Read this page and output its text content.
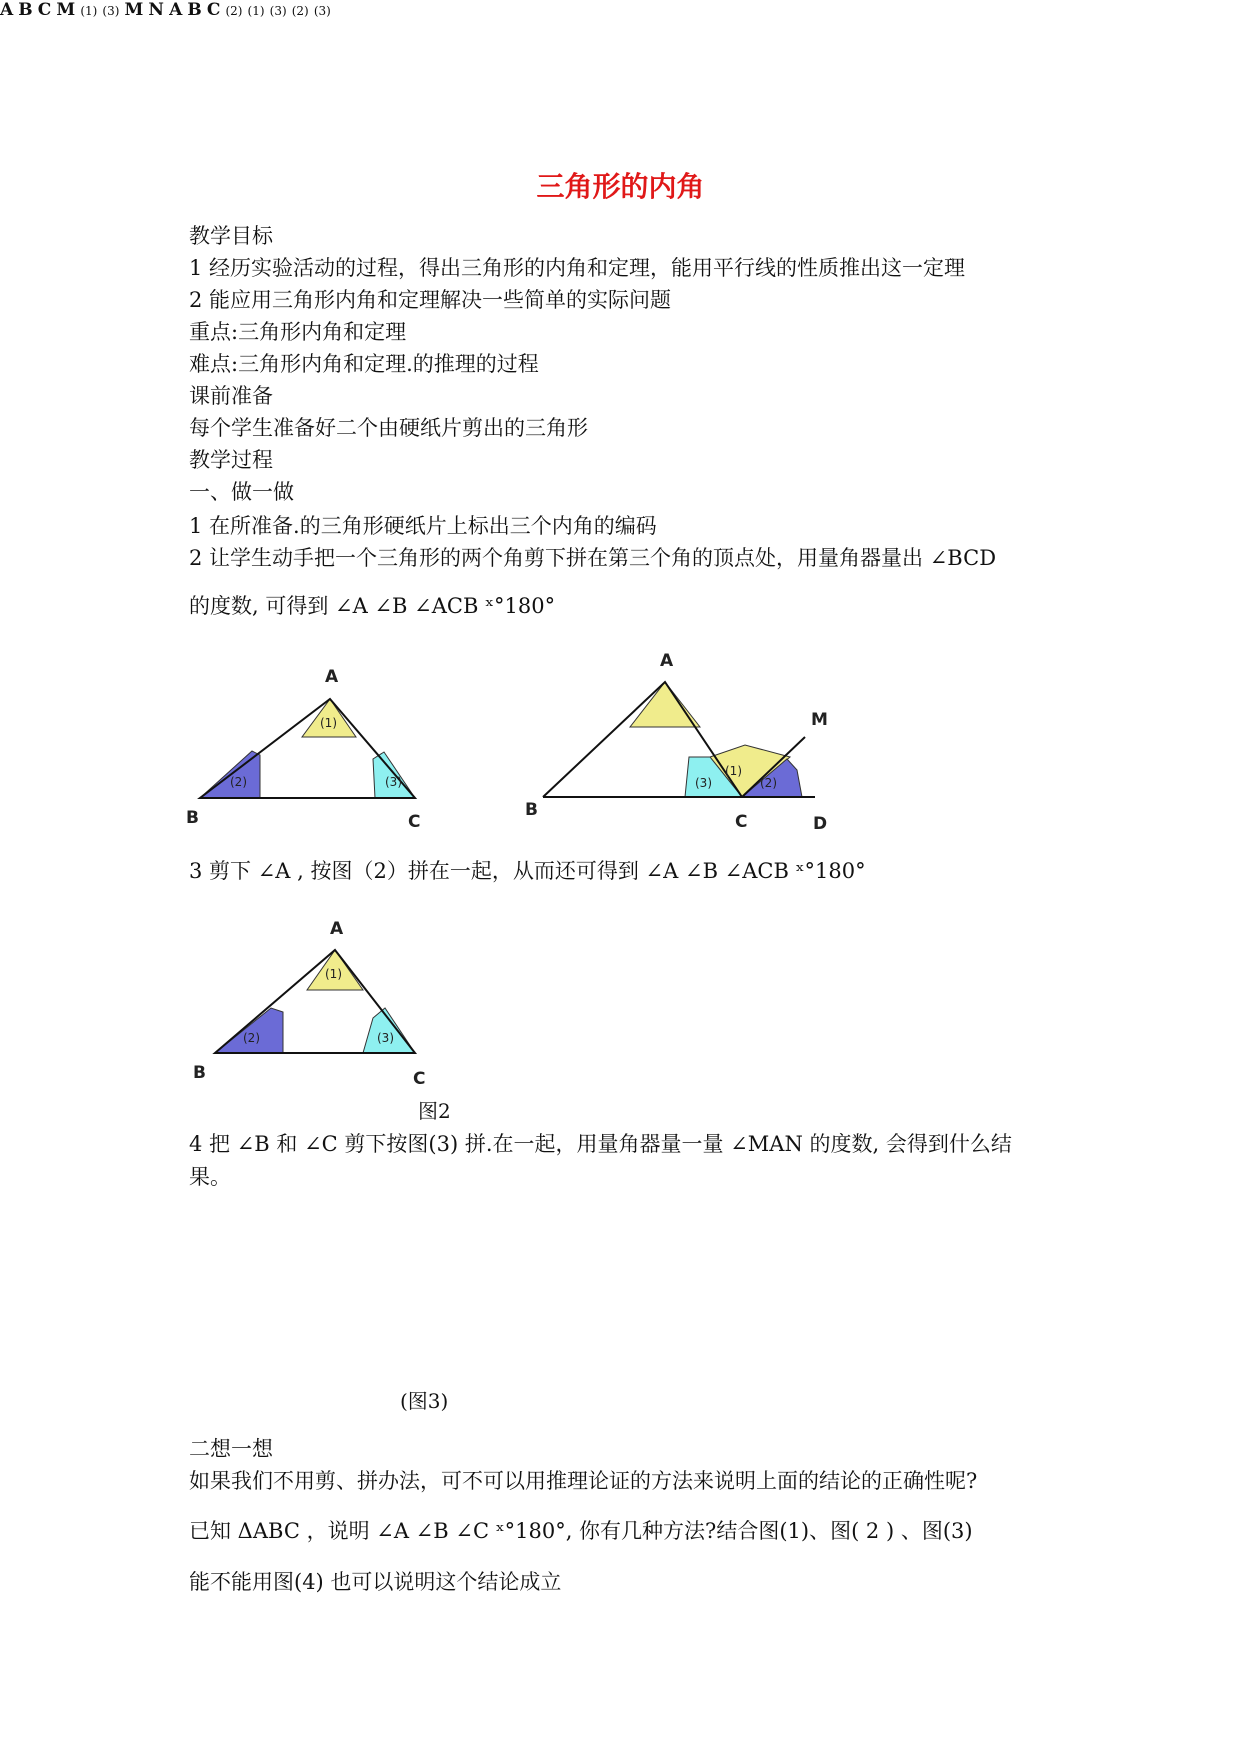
三角形的内角
教学目标
1 经历实验活动的过程，得出三角形的内角和定理，能用平行线的性质推出这一定理
2 能应用三角形内角和定理解决一些简单的实际问题
重点:三角形内角和定理
难点:三角形内角和定理.的推理的过程
课前准备
每个学生准备好二个由硬纸片剪出的三角形
教学过程
一、做一做
1 在所准备.的三角形硬纸片上标出三个内角的编码
2 让学生动手把一个三角形的两个角剪下拼在第三个角的顶点处，用量角器量出 ∠BCD
的度数, 可得到 ∠A ∠B ∠ACB ˣ°180°
A
B	C
(1)
(2)	(3)
A
B
C	D
M
(1)
(3)	(2)
3 剪下 ∠A , 按图（2）拼在一起，从而还可得到 ∠A ∠B ∠ACB ˣ°180°
A
B	C
(1)
(2)	(3)
A B C M (1) (3)
图2
4 把 ∠B 和 ∠C 剪下按图(3) 拼.在一起，用量角器量一量 ∠MAN 的度数, 会得到什么结
果。
M N A B C (2) (1) (3) (2) (3)
(图3)
二想一想
如果我们不用剪、拼办法，可不可以用推理论证的方法来说明上面的结论的正确性呢?
已知 ΔABC ，说明 ∠A ∠B ∠C ˣ°180°, 你有几种方法?结合图(1)、图( 2 ) 、图(3)
能不能用图(4) 也可以说明这个结论成立
